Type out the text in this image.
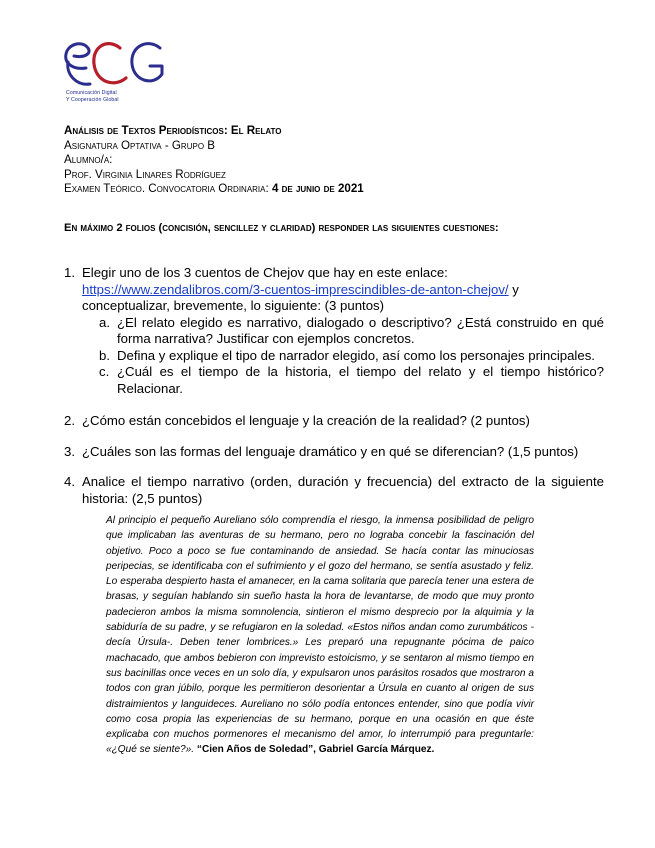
Comunicación Digital
Y Cooperación Global
Análisis de Textos Periodísticos: El Relato
Asignatura Optativa - Grupo B
Alumno/a:
Prof. Virginia Linares Rodríguez
Examen Teórico. Convocatoria Ordinaria: 4 de junio de 2021
En máximo 2 folios (concisión, sencillez y claridad) responder las siguientes cuestiones:
1. Elegir uno de los 3 cuentos de Chejov que hay en este enlace:
https://www.zendalibros.com/3-cuentos-imprescindibles-de-anton-chejov/ y conceptualizar, brevemente, lo siguiente: (3 puntos)
a. ¿El relato elegido es narrativo, dialogado o descriptivo? ¿Está construido en qué forma narrativa? Justificar con ejemplos concretos.
b. Defina y explique el tipo de narrador elegido, así como los personajes principales.
c. ¿Cuál es el tiempo de la historia, el tiempo del relato y el tiempo histórico? Relacionar.
2. ¿Cómo están concebidos el lenguaje y la creación de la realidad? (2 puntos)
3. ¿Cuáles son las formas del lenguaje dramático y en qué se diferencian? (1,5 puntos)
4. Analice el tiempo narrativo (orden, duración y frecuencia) del extracto de la siguiente historia: (2,5 puntos)
Al principio el pequeño Aureliano sólo comprendía el riesgo, la inmensa posibilidad de peligro que implicaban las aventuras de su hermano, pero no lograba concebir la fascinación del objetivo. Poco a poco se fue contaminando de ansiedad. Se hacía contar las minuciosas peripecias, se identificaba con el sufrimiento y el gozo del hermano, se sentía asustado y feliz. Lo esperaba despierto hasta el amanecer, en la cama solitaria que parecía tener una estera de brasas, y seguían hablando sin sueño hasta la hora de levantarse, de modo que muy pronto padecieron ambos la misma somnolencia, sintieron el mismo desprecio por la alquimia y la sabiduría de su padre, y se refugiaron en la soledad. «Estos niños andan como zurumbáticos -decía Úrsula-. Deben tener lombrices.» Les preparó una repugnante pócima de paico machacado, que ambos bebieron con imprevisto estoicismo, y se sentaron al mismo tiempo en sus bacinillas once veces en un solo día, y expulsaron unos parásitos rosados que mostraron a todos con gran júbilo, porque les permitieron desorientar a Úrsula en cuanto al origen de sus distraimientos y languideces. Aureliano no sólo podía entonces entender, sino que podía vivir como cosa propia las experiencias de su hermano, porque en una ocasión en que éste explicaba con muchos pormenores el mecanismo del amor, lo interrumpió para preguntarle: «¿Qué se siente?». “Cien Años de Soledad”, Gabriel García Márquez.
